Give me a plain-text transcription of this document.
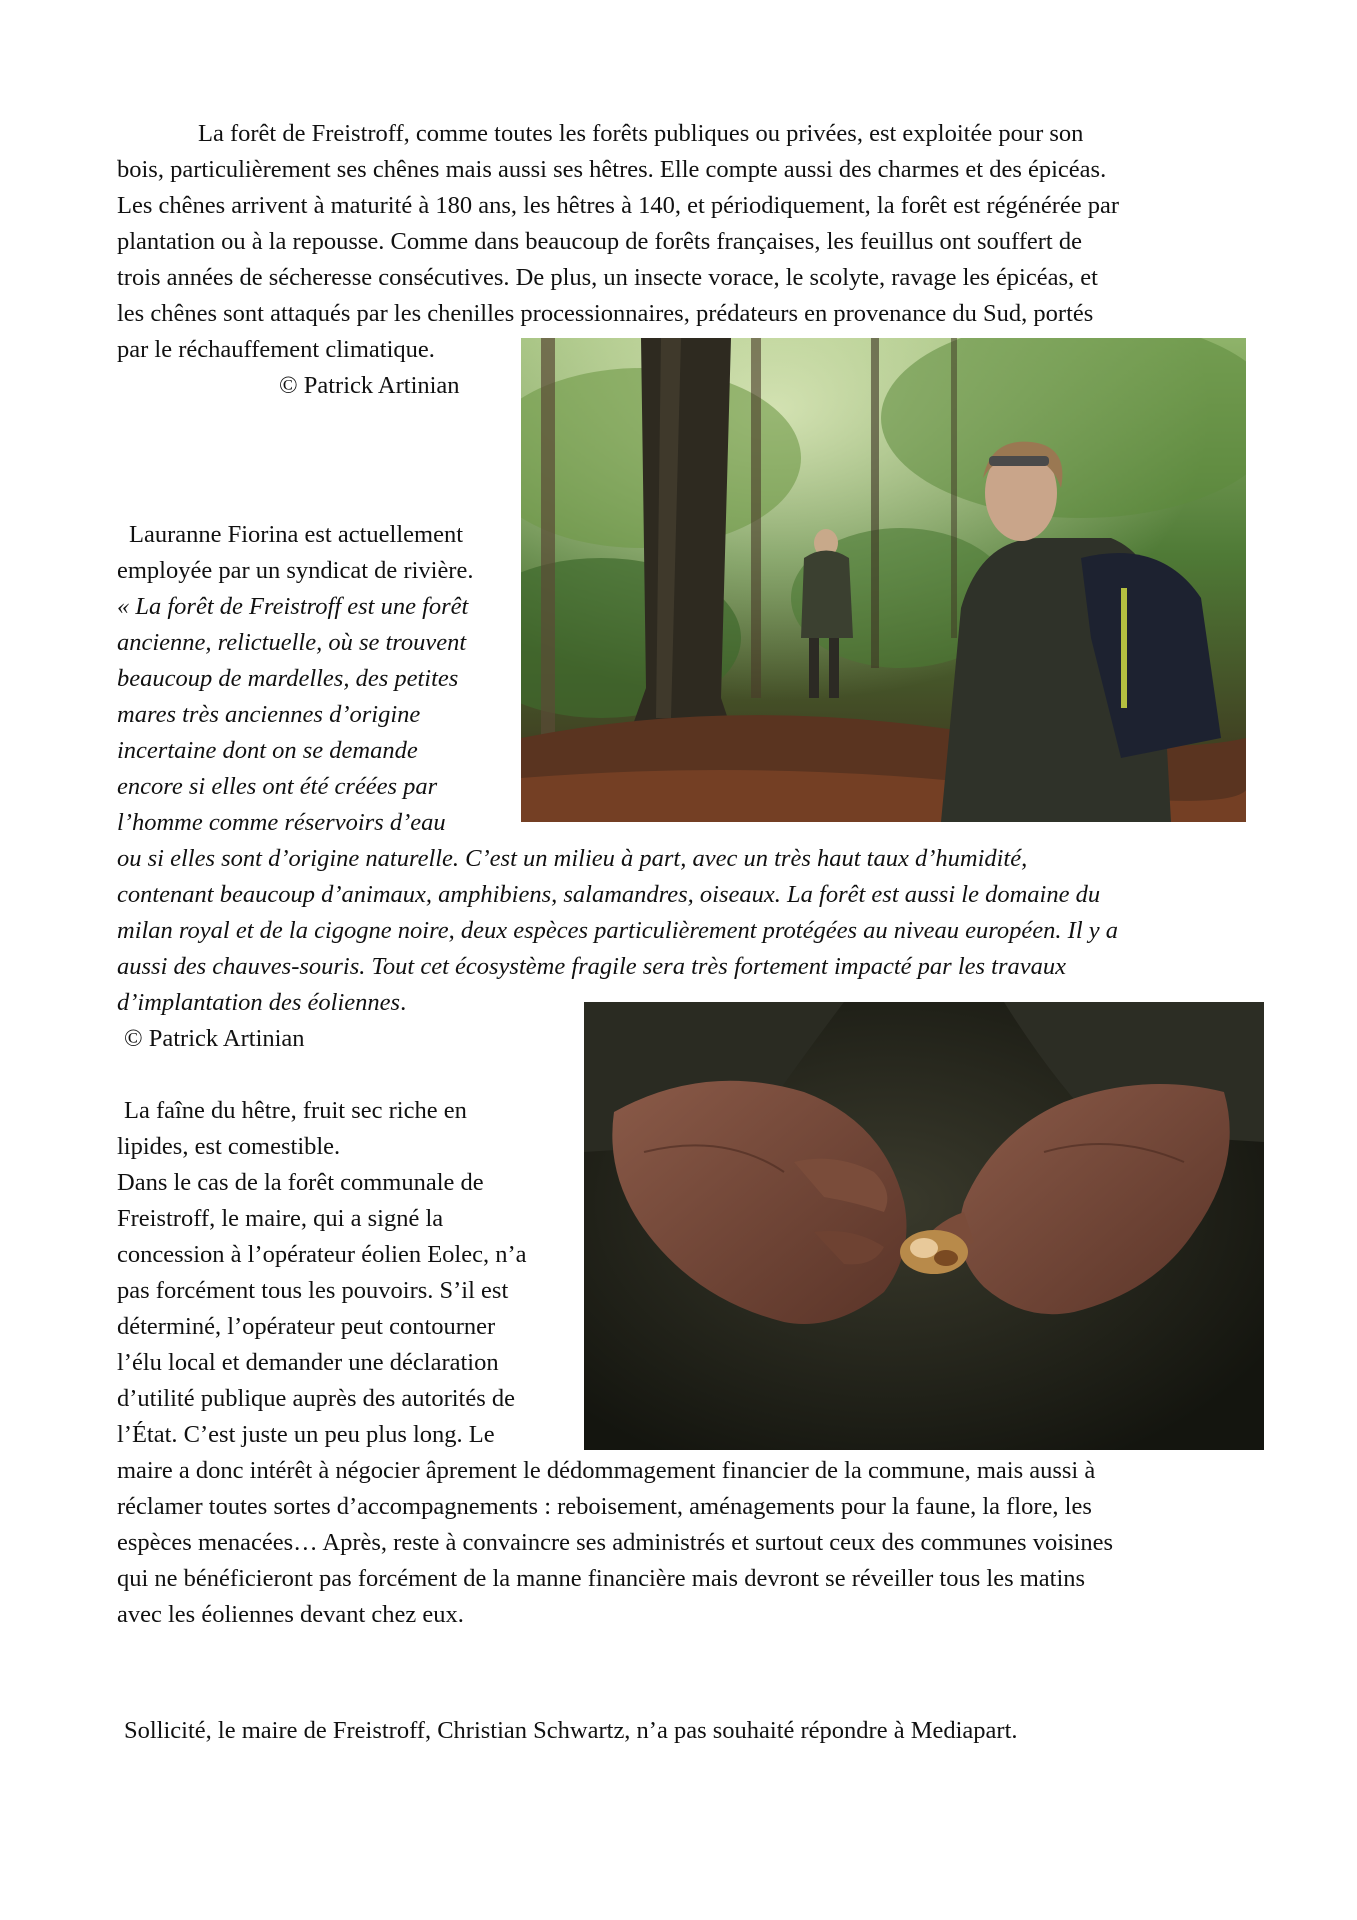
La forêt de Freistroff, comme toutes les forêts publiques ou privées, est exploitée pour son

bois, particulièrement ses chênes mais aussi ses hêtres. Elle compte aussi des charmes et des épicéas.

Les chênes arrivent à maturité à 180 ans, les hêtres à 140, et périodiquement, la forêt est régénérée par

plantation ou à la repousse. Comme dans beaucoup de forêts françaises, les feuillus ont souffert de

trois années de sécheresse consécutives. De plus, un insecte vorace, le scolyte, ravage les épicéas, et

les chênes sont attaqués par les chenilles processionnaires, prédateurs en provenance du Sud, portés

par le réchauffement climatique.

© Patrick Artinian

Lauranne Fiorina est actuellement

employée par un syndicat de rivière.

« La forêt de Freistroff est une forêt

ancienne, relictuelle, où se trouvent

beaucoup de mardelles, des petites

mares très anciennes d’origine

incertaine dont on se demande

encore si elles ont été créées par

l’homme comme réservoirs d’eau

ou si elles sont d’origine naturelle. C’est un milieu à part, avec un très haut taux d’humidité,

contenant beaucoup d’animaux, amphibiens, salamandres, oiseaux. La forêt est aussi le domaine du

milan royal et de la cigogne noire, deux espèces particulièrement protégées au niveau européen. Il y a

aussi des chauves-souris. Tout cet écosystème fragile sera très fortement impacté par les travaux

d’implantation des éoliennes.

© Patrick Artinian

La faîne du hêtre, fruit sec riche en

lipides, est comestible.

Dans le cas de la forêt communale de

Freistroff, le maire, qui a signé la

concession à l’opérateur éolien Eolec, n’a

pas forcément tous les pouvoirs. S’il est

déterminé, l’opérateur peut contourner

l’élu local et demander une déclaration

d’utilité publique auprès des autorités de

l’État. C’est juste un peu plus long. Le

maire a donc intérêt à négocier âprement le dédommagement financier de la commune, mais aussi à

réclamer toutes sortes d’accompagnements : reboisement, aménagements pour la faune, la flore, les

espèces menacées… Après, reste à convaincre ses administrés et surtout ceux des communes voisines

qui ne bénéficieront pas forcément de la manne financière mais devront se réveiller tous les matins

avec les éoliennes devant chez eux.

Sollicité, le maire de Freistroff, Christian Schwartz, n’a pas souhaité répondre à Mediapart.
